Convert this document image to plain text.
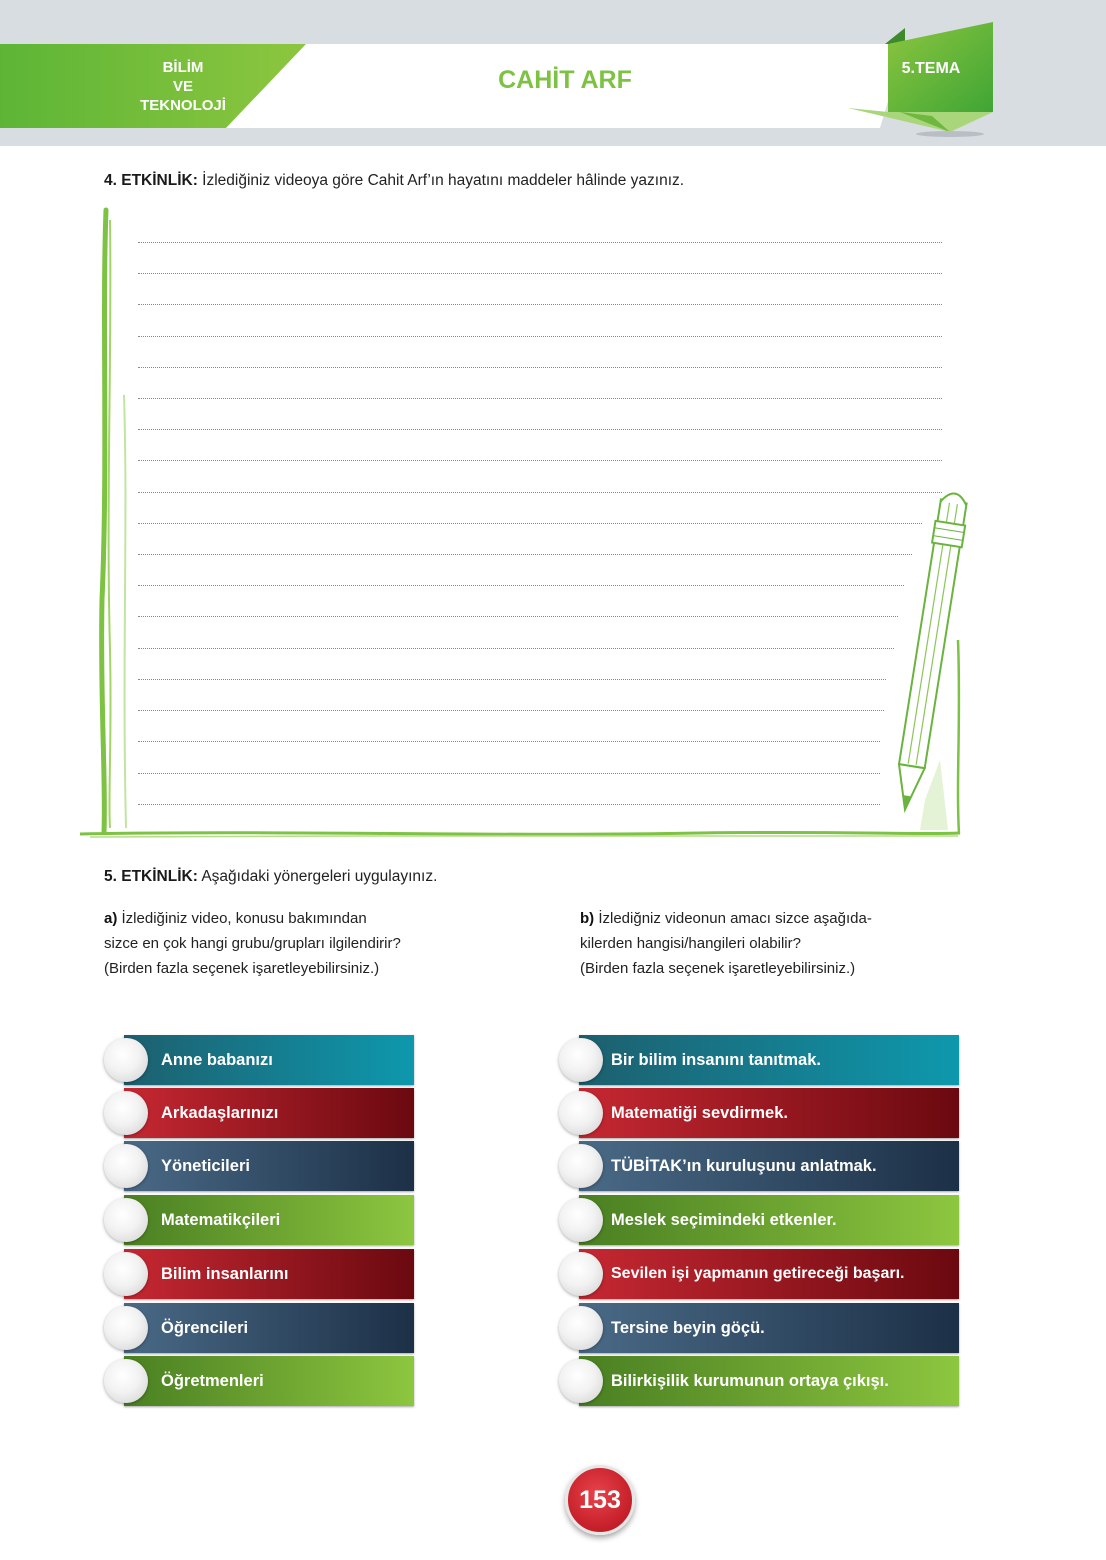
BİLİM
VE
TEKNOLOJİ
CAHİT ARF	5.TEMA
4. ETKİNLİK: İzlediğiniz videoya göre Cahit Arf’ın hayatını maddeler hâlinde yazınız.
5. ETKİNLİK: Aşağıdaki yönergeleri uygulayınız.
a) İzlediğiniz video, konusu bakımından
sizce en çok hangi grubu/grupları ilgilendirir?
(Birden fazla seçenek işaretleyebilirsiniz.)
b) İzlediğniz videonun amacı sizce aşağıda-
kilerden hangisi/hangileri olabilir?
(Birden fazla seçenek işaretleyebilirsiniz.)
Anne babanızı
Arkadaşlarınızı
Yöneticileri
Matematikçileri
Bilim insanlarını
Öğrencileri
Öğretmenleri
Bir bilim insanını tanıtmak.
Matematiği sevdirmek.
TÜBİTAK’ın kuruluşunu anlatmak.
Meslek seçimindeki etkenler.
Sevilen işi yapmanın getireceği başarı.
Tersine beyin göçü.
Bilirkişilik kurumunun ortaya çıkışı.
153
